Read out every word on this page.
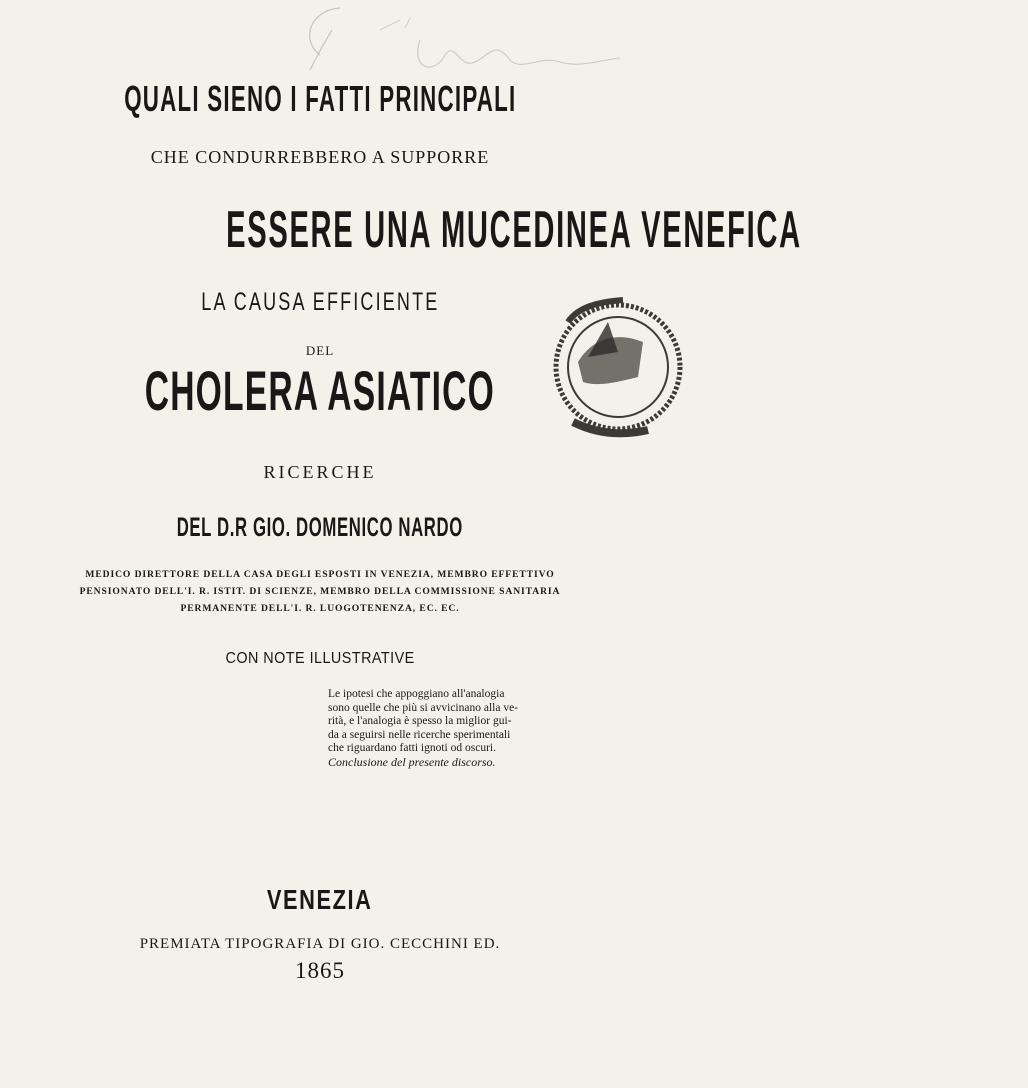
QUALI SIENO I FATTI PRINCIPALI
CHE CONDURREBBERO A SUPPORRE
ESSERE UNA MUCEDINEA VENEFICA
LA CAUSA EFFICIENTE
DEL
CHOLERA ASIATICO
RICERCHE
DEL D.R GIO. DOMENICO NARDO
MEDICO DIRETTORE DELLA CASA DEGLI ESPOSTI IN VENEZIA, MEMBRO EFFETTIVO
PENSIONATO DELL'I. R. ISTIT. DI SCIENZE, MEMBRO DELLA COMMISSIONE SANITARIA
PERMANENTE DELL'I. R. LUOGOTENENZA, EC. EC.
CON NOTE ILLUSTRATIVE
Le ipotesi che appoggiano all'analogia
sono quelle che più si avvicinano alla ve-
rità, e l'analogia è spesso la miglior gui-
da a seguirsi nelle ricerche sperimentali
che riguardano fatti ignoti od oscuri.
Conclusione del presente discorso.
VENEZIA
PREMIATA TIPOGRAFIA DI GIO. CECCHINI ED.
1865
